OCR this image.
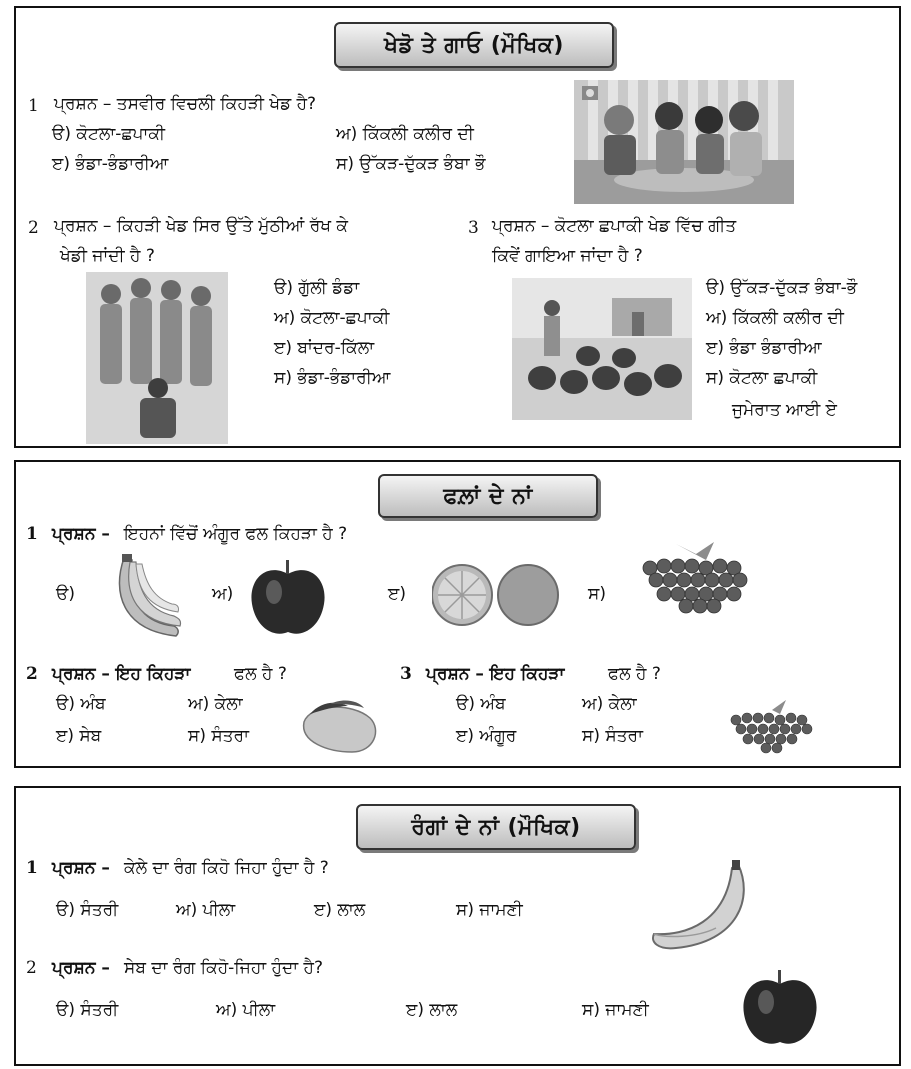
ਖੇਡੋ ਤੇ ਗਾਓ (ਮੌਖਿਕ)
1 ਪ੍ਰਸ਼ਨ – ਤਸਵੀਰ ਵਿਚਲੀ ਕਿਹੜੀ ਖੇਡ ਹੈ?
ੳ) ਕੋਟਲਾ-ਛਪਾਕੀ	ਅ) ਕਿੱਕਲੀ ਕਲੀਰ ਦੀ
ੲ) ਭੰਡਾ-ਭੰਡਾਰੀਆ	ਸ) ਉੱਕੜ-ਦੁੱਕੜ ਭੰਬਾ ਭੌ
2 ਪ੍ਰਸ਼ਨ – ਕਿਹੜੀ ਖੇਡ ਸਿਰ ਉੱਤੇ ਮੁੱਠੀਆਂ ਰੱਖ ਕੇ
ਖੇਡੀ ਜਾਂਦੀ ਹੈ ?
ੳ) ਗੁੱਲੀ ਡੰਡਾ
ਅ) ਕੋਟਲਾ-ਛਪਾਕੀ
ੲ) ਬਾਂਦਰ-ਕਿੱਲਾ
ਸ) ਭੰਡਾ-ਭੰਡਾਰੀਆ
3 ਪ੍ਰਸ਼ਨ – ਕੋਟਲਾ ਛਪਾਕੀ ਖੇਡ ਵਿੱਚ ਗੀਤ
ਕਿਵੇਂ ਗਾਇਆ ਜਾਂਦਾ ਹੈ ?
ੳ) ਉੱਕੜ-ਦੁੱਕੜ ਭੰਬਾ-ਭੌ
ਅ) ਕਿੱਕਲੀ ਕਲੀਰ ਦੀ
ੲ) ਭੰਡਾ ਭੰਡਾਰੀਆ
ਸ) ਕੋਟਲਾ ਛਪਾਕੀ
ਜੁਮੇਰਾਤ ਆਈ ਏ
ਫਲ਼ਾਂ ਦੇ ਨਾਂ
1 ਪ੍ਰਸ਼ਨ – ਇਹਨਾਂ ਵਿੱਚੋਂ ਅੰਗੂਰ ਫਲ ਕਿਹੜਾ ਹੈ ?
ੳ)	ਅ)	ੲ)	ਸ)
2 ਪ੍ਰਸ਼ਨ – ਇਹ ਕਿਹੜਾ	ਫਲ ਹੈ ?
ੳ) ਅੰਬ	ਅ) ਕੇਲਾ
ੲ) ਸੇਬ	ਸ) ਸੰਤਰਾ
3 ਪ੍ਰਸ਼ਨ – ਇਹ ਕਿਹੜਾ	ਫਲ ਹੈ ?
ੳ) ਅੰਬ	ਅ) ਕੇਲਾ
ੲ) ਅੰਗੂਰ	ਸ) ਸੰਤਰਾ
ਰੰਗਾਂ ਦੇ ਨਾਂ (ਮੌਖਿਕ)
1 ਪ੍ਰਸ਼ਨ – ਕੇਲੇ ਦਾ ਰੰਗ ਕਿਹੋ ਜਿਹਾ ਹੁੰਦਾ ਹੈ ?
ੳ) ਸੰਤਰੀ	ਅ) ਪੀਲਾ	ੲ) ਲਾਲ	ਸ) ਜਾਮਣੀ
2 ਪ੍ਰਸ਼ਨ – ਸੇਬ ਦਾ ਰੰਗ ਕਿਹੋ-ਜਿਹਾ ਹੁੰਦਾ ਹੈ?
ੳ) ਸੰਤਰੀ	ਅ) ਪੀਲਾ	ੲ) ਲਾਲ	ਸ) ਜਾਮਣੀ
